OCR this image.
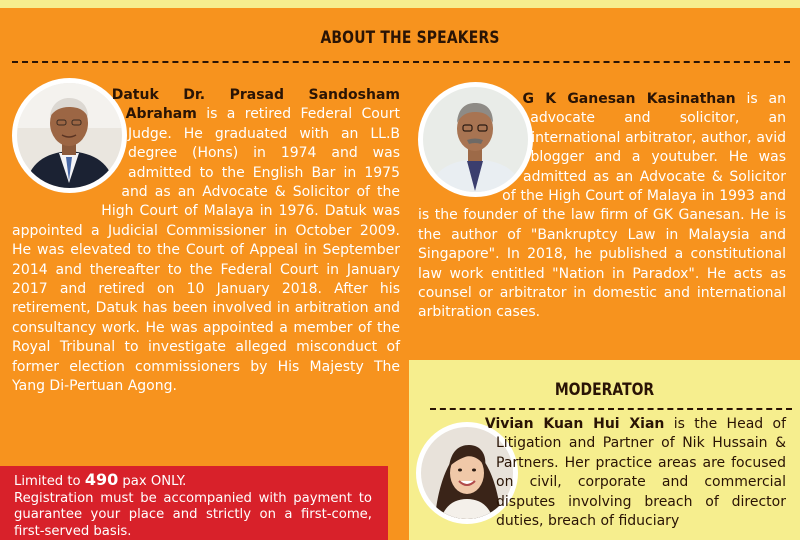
ABOUT THE SPEAKERS
Datuk Dr. Prasad Sandosham Abraham is a retired Federal Court Judge. He graduated with an LL.B degree (Hons) in 1974 and was admitted to the English Bar in 1975 and as an Advocate & Solicitor of the High Court of Malaya in 1976. Datuk was appointed a Judicial Commissioner in October 2009. He was elevated to the Court of Appeal in September 2014 and thereafter to the Federal Court in January 2017 and retired on 10 January 2018. After his retirement, Datuk has been involved in arbitration and consultancy work. He was appointed a member of the Royal Tribunal to investigate alleged misconduct of former election commissioners by His Majesty The Yang Di-Pertuan Agong.
G K Ganesan Kasinathan is an advocate and solicitor, an international arbitrator, author, avid blogger and a youtuber. He was admitted as an Advocate & Solicitor of the High Court of Malaya in 1993 and is the founder of the law firm of GK Ganesan. He is the author of "Bankruptcy Law in Malaysia and Singapore". In 2018, he published a constitutional law work entitled "Nation in Paradox". He acts as counsel or arbitrator in domestic and international arbitration cases.
MODERATOR
Vivian Kuan Hui Xian is the Head of Litigation and Partner of Nik Hussain & Partners. Her practice areas are focused on civil, corporate and commercial disputes involving breach of director duties, breach of fiduciary
Limited to 490 pax ONLY.
Registration must be accompanied with payment to guarantee your place and strictly on a first-come, first-served basis.
